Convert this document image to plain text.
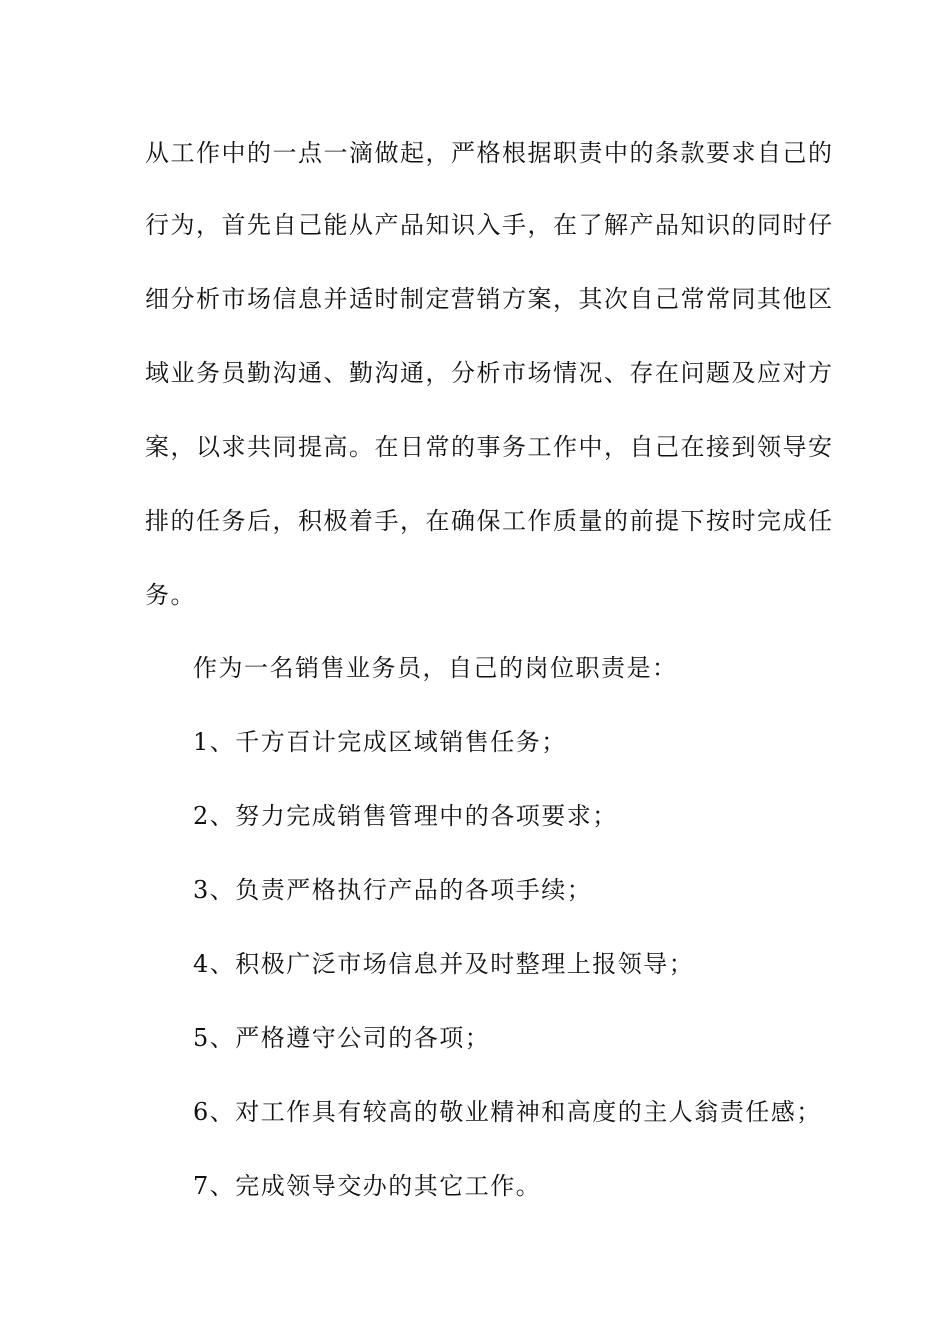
从工作中的一点一滴做起，严格根据职责中的条款要求自己的
行为，首先自己能从产品知识入手，在了解产品知识的同时仔
细分析市场信息并适时制定营销方案，其次自己常常同其他区
域业务员勤沟通、勤沟通，分析市场情况、存在问题及应对方
案，以求共同提高。在日常的事务工作中，自己在接到领导安
排的任务后，积极着手，在确保工作质量的前提下按时完成任
务。
作为一名销售业务员，自己的岗位职责是：
1、千方百计完成区域销售任务；
2、努力完成销售管理中的各项要求；
3、负责严格执行产品的各项手续；
4、积极广泛市场信息并及时整理上报领导；
5、严格遵守公司的各项；
6、对工作具有较高的敬业精神和高度的主人翁责任感；
7、完成领导交办的其它工作。
